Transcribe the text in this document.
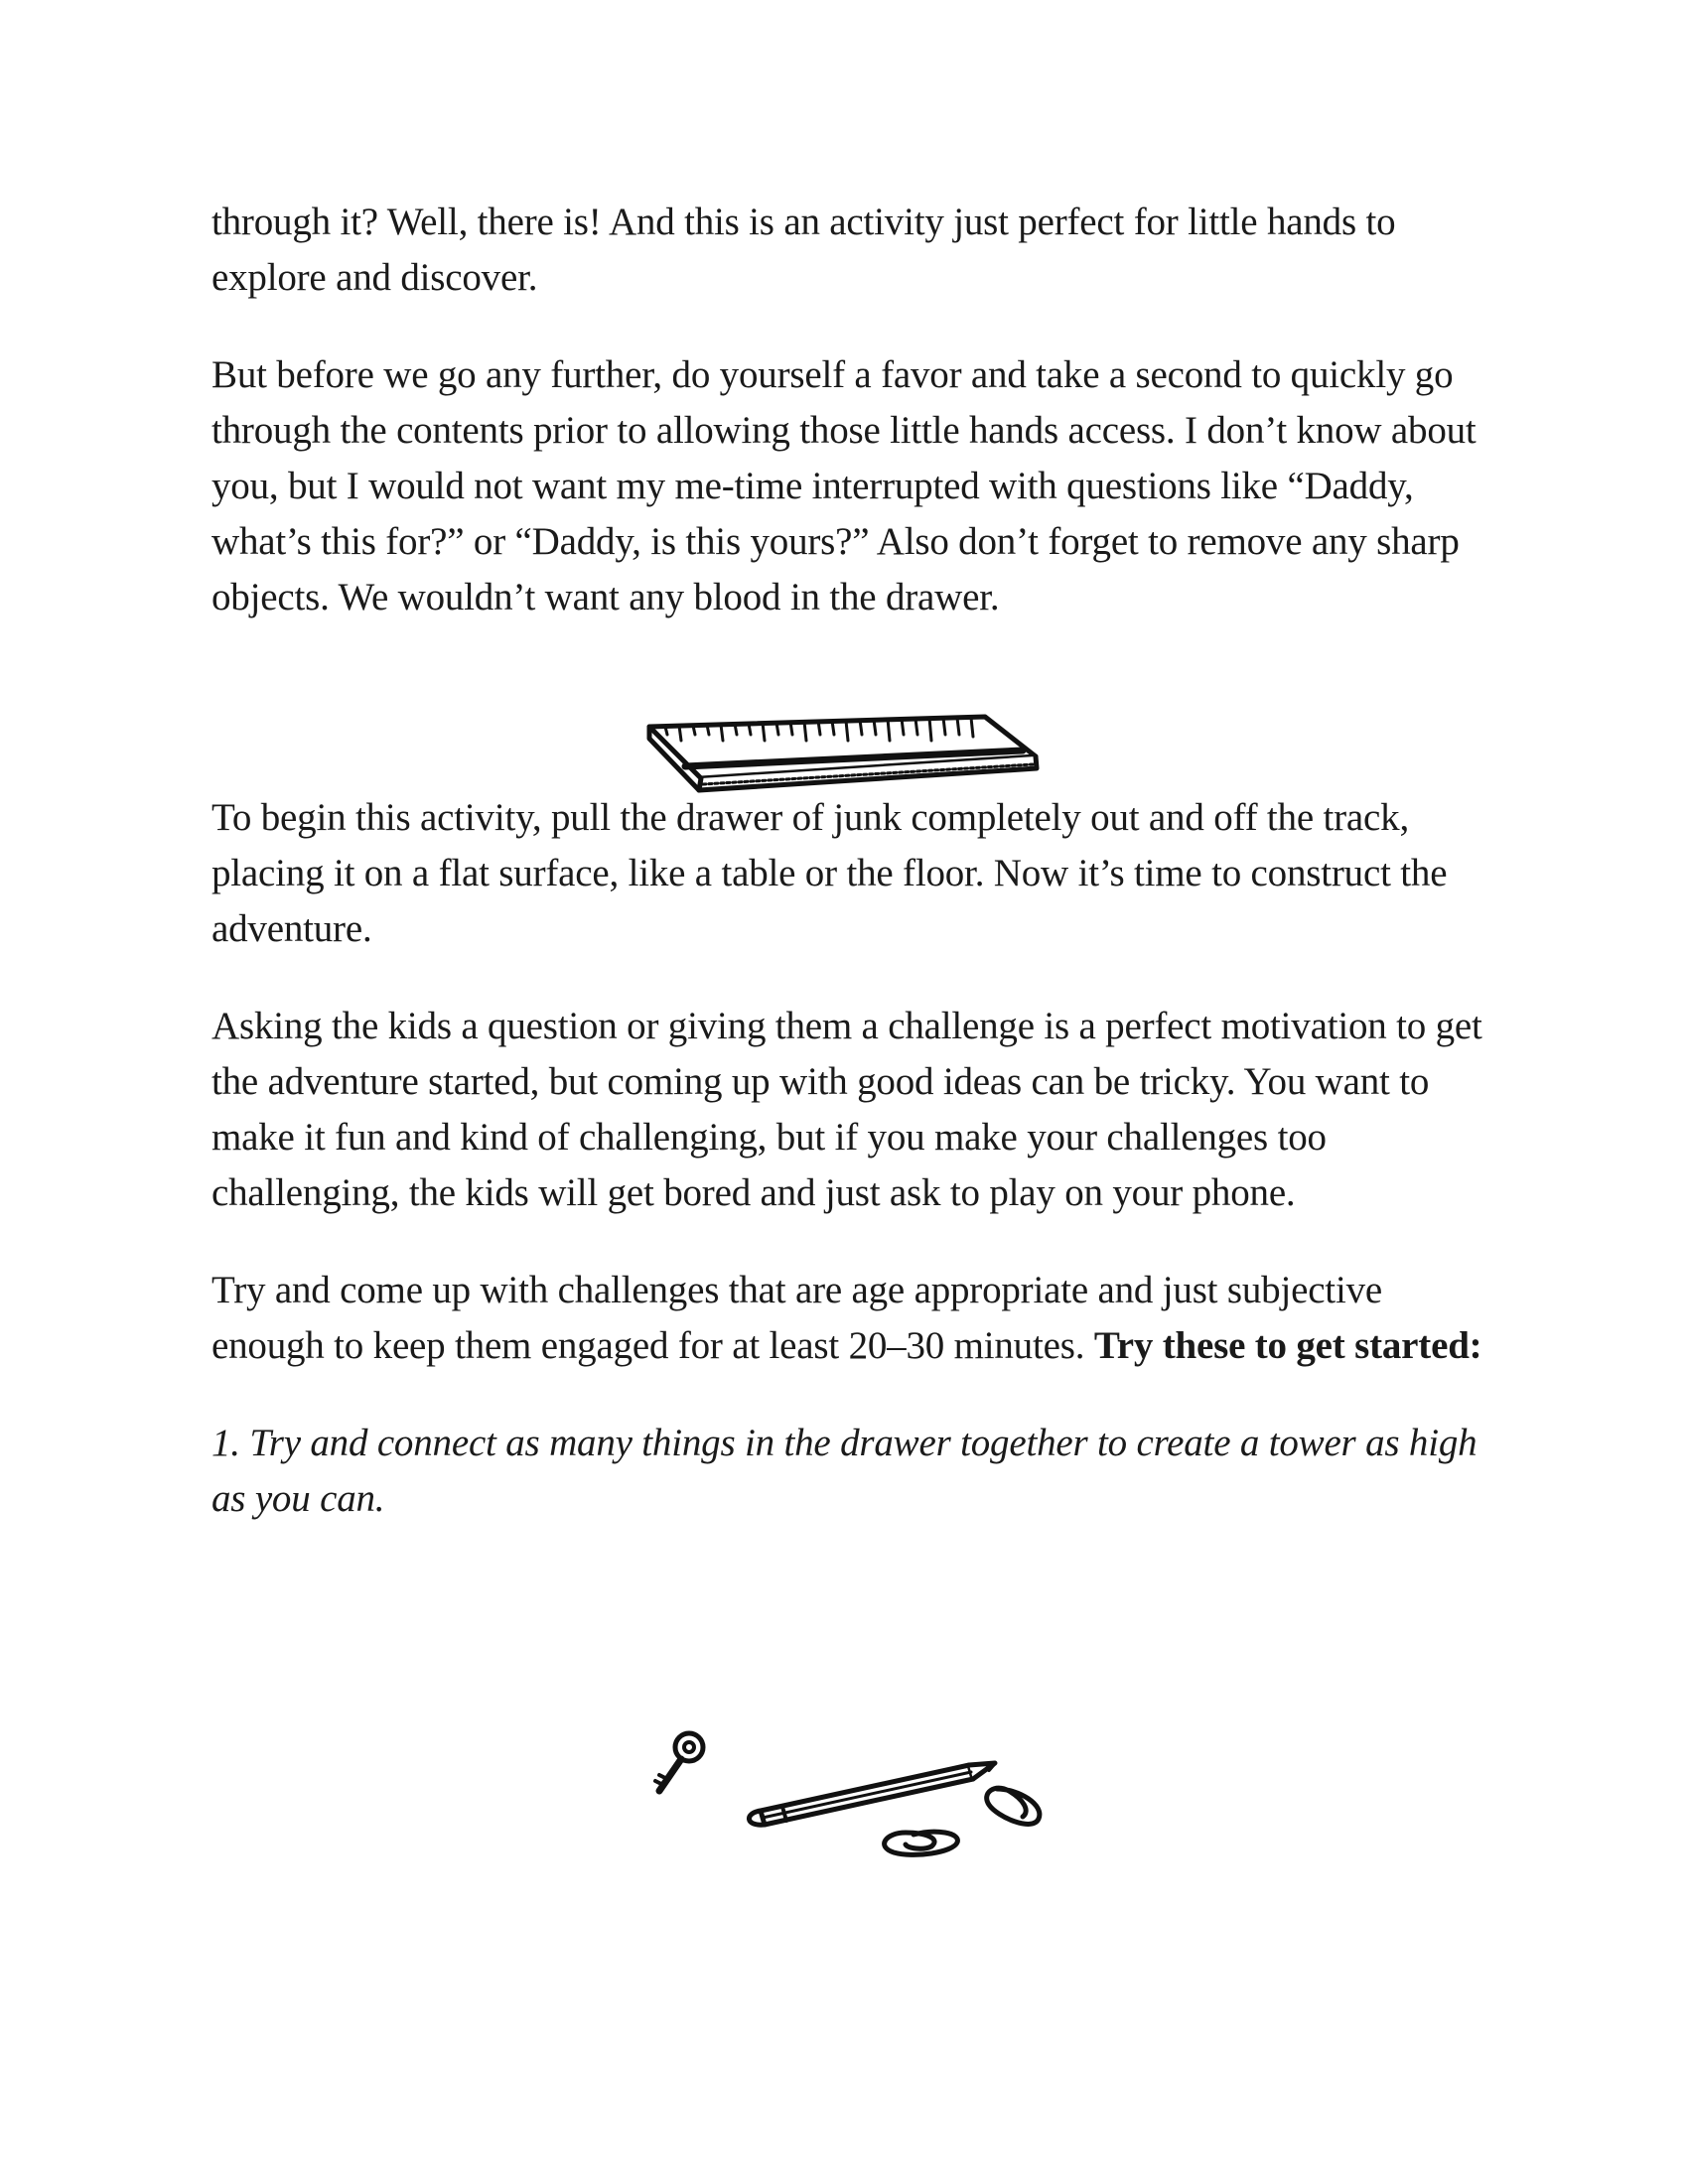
through it? Well, there is! And this is an activity just perfect for little hands to explore and discover.

But before we go any further, do yourself a favor and take a second to quickly go through the contents prior to allowing those little hands access. I don’t know about you, but I would not want my me-time interrupted with questions like “Daddy, what’s this for?” or “Daddy, is this yours?” Also don’t forget to remove any sharp objects. We wouldn’t want any blood in the drawer.

To begin this activity, pull the drawer of junk completely out and off the track, placing it on a flat surface, like a table or the floor. Now it’s time to construct the adventure.

Asking the kids a question or giving them a challenge is a perfect motivation to get the adventure started, but coming up with good ideas can be tricky. You want to make it fun and kind of challenging, but if you make your challenges too challenging, the kids will get bored and just ask to play on your phone.

Try and come up with challenges that are age appropriate and just subjective enough to keep them engaged for at least 20–30 minutes. Try these to get started:

1. Try and connect as many things in the drawer together to create a tower as high as you can.
